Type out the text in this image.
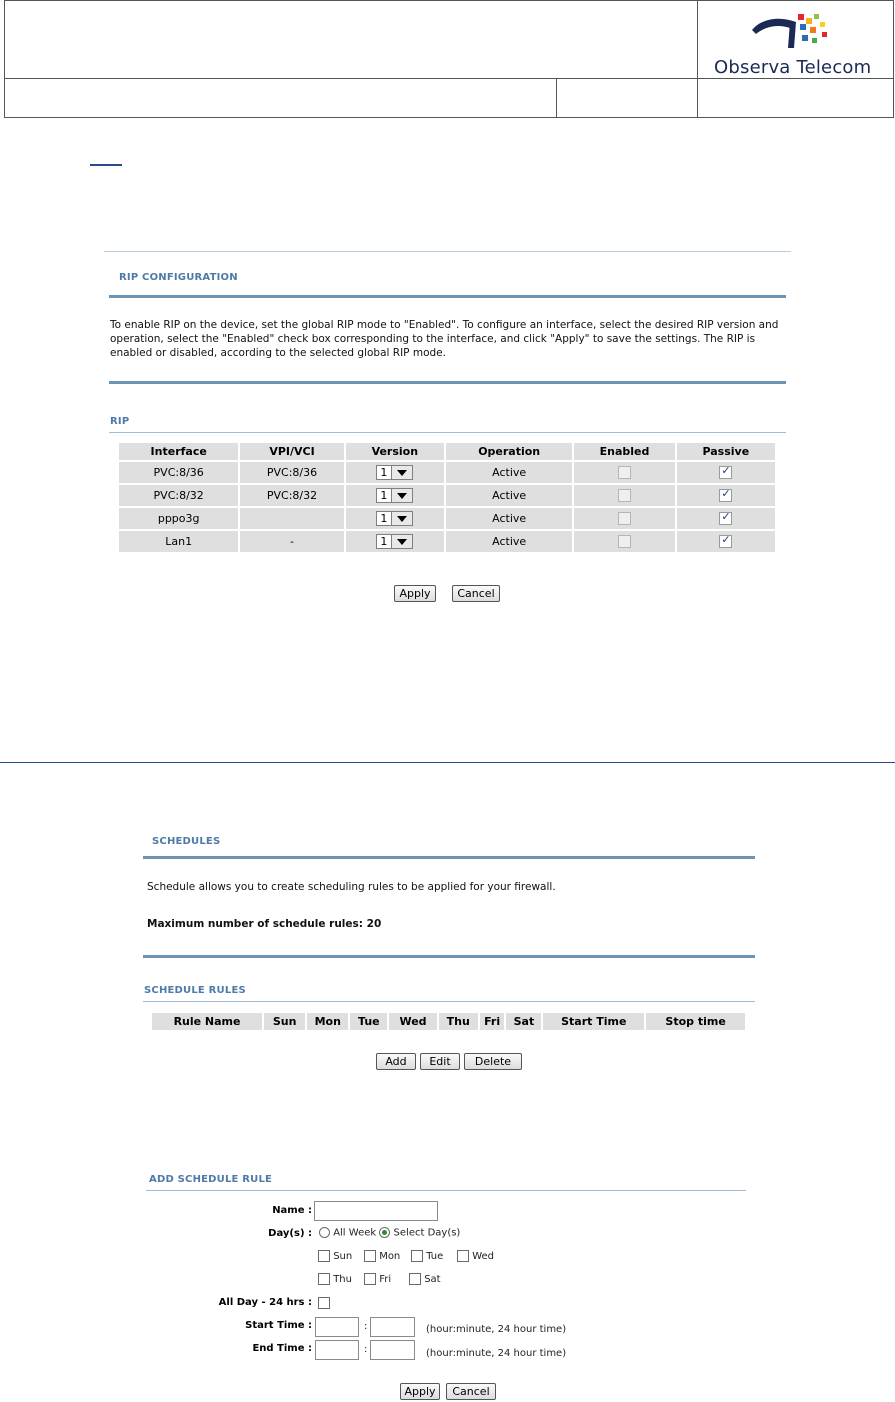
Observa Telecom
RIP CONFIGURATION
To enable RIP on the device, set the global RIP mode to "Enabled". To configure an interface, select the desired RIP version and operation, select the "Enabled" check box corresponding to the interface, and click "Apply" to save the settings. The RIP is enabled or disabled, according to the selected global RIP mode.
RIP
Interface	VPI/VCI	Version	Operation	Enabled	Passive
PVC:8/36	PVC:8/36	1	Active		✓
PVC:8/32	PVC:8/32	1	Active		✓
pppo3g		1	Active		✓
Lan1	-	1	Active		✓
Apply	Cancel
SCHEDULES
Schedule allows you to create scheduling rules to be applied for your firewall.
Maximum number of schedule rules: 20
SCHEDULE RULES
Rule Name	Sun	Mon	Tue	Wed	Thu	Fri	Sat	Start Time	Stop time
Add	Edit	Delete
ADD SCHEDULE RULE
Name :
Day(s) :	All Week Select Day(s)
Sun	Mon	Tue	Wed
Thu	Fri	Sat
All Day - 24 hrs :
Start Time :	:	(hour:minute, 24 hour time)
End Time :	:	(hour:minute, 24 hour time)
Apply	Cancel
